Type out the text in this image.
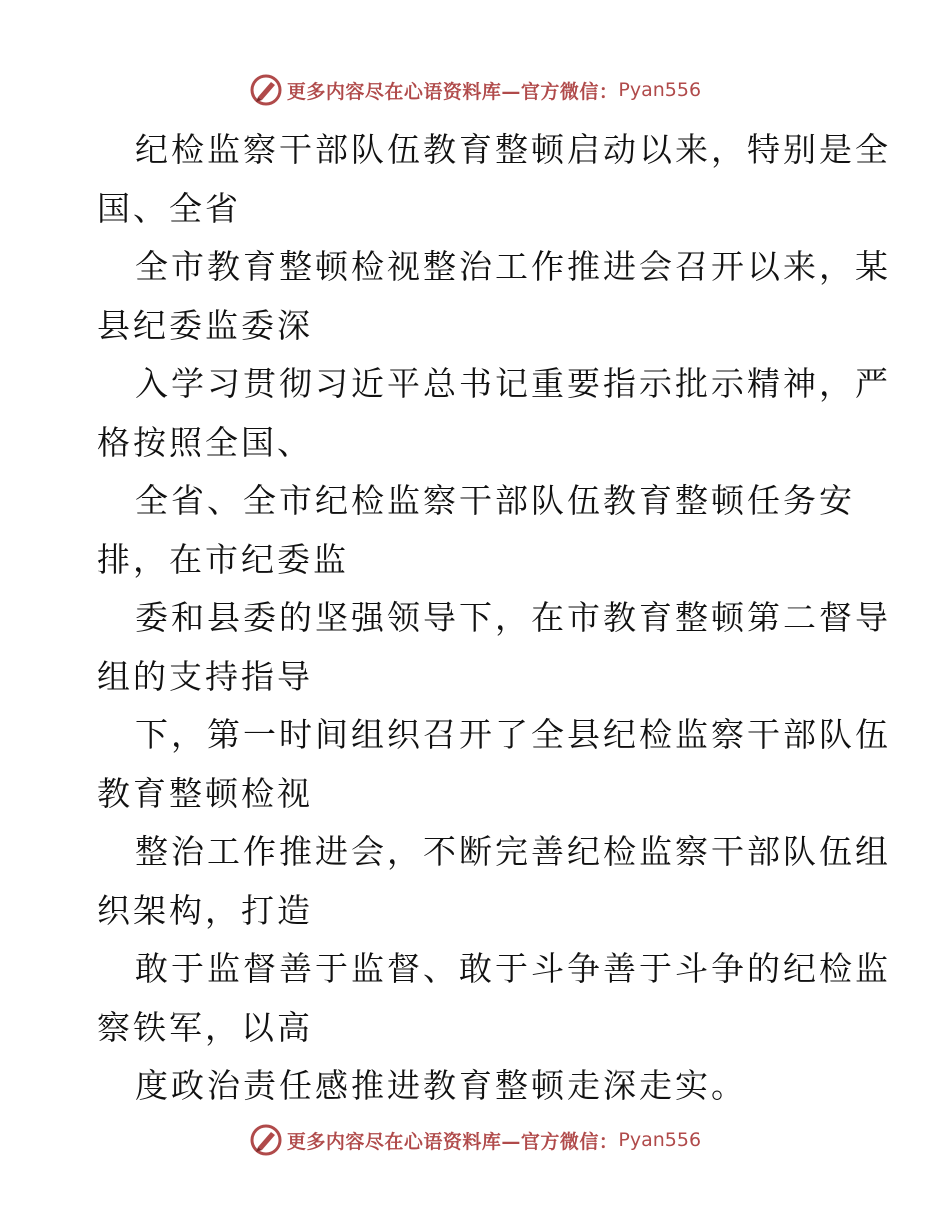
更多内容尽在心语资料库—官方微信： Pyan556
纪检监察干部队伍教育整顿启动以来，特别是全
国、全省
全市教育整顿检视整治工作推进会召开以来，某
县纪委监委深
入学习贯彻习近平总书记重要指示批示精神，严
格按照全国、
全省、全市纪检监察干部队伍教育整顿任务安
排，在市纪委监
委和县委的坚强领导下，在市教育整顿第二督导
组的支持指导
下，第一时间组织召开了全县纪检监察干部队伍
教育整顿检视
整治工作推进会，不断完善纪检监察干部队伍组
织架构，打造
敢于监督善于监督、敢于斗争善于斗争的纪检监
察铁军，以高
度政治责任感推进教育整顿走深走实。
更多内容尽在心语资料库—官方微信： Pyan556
